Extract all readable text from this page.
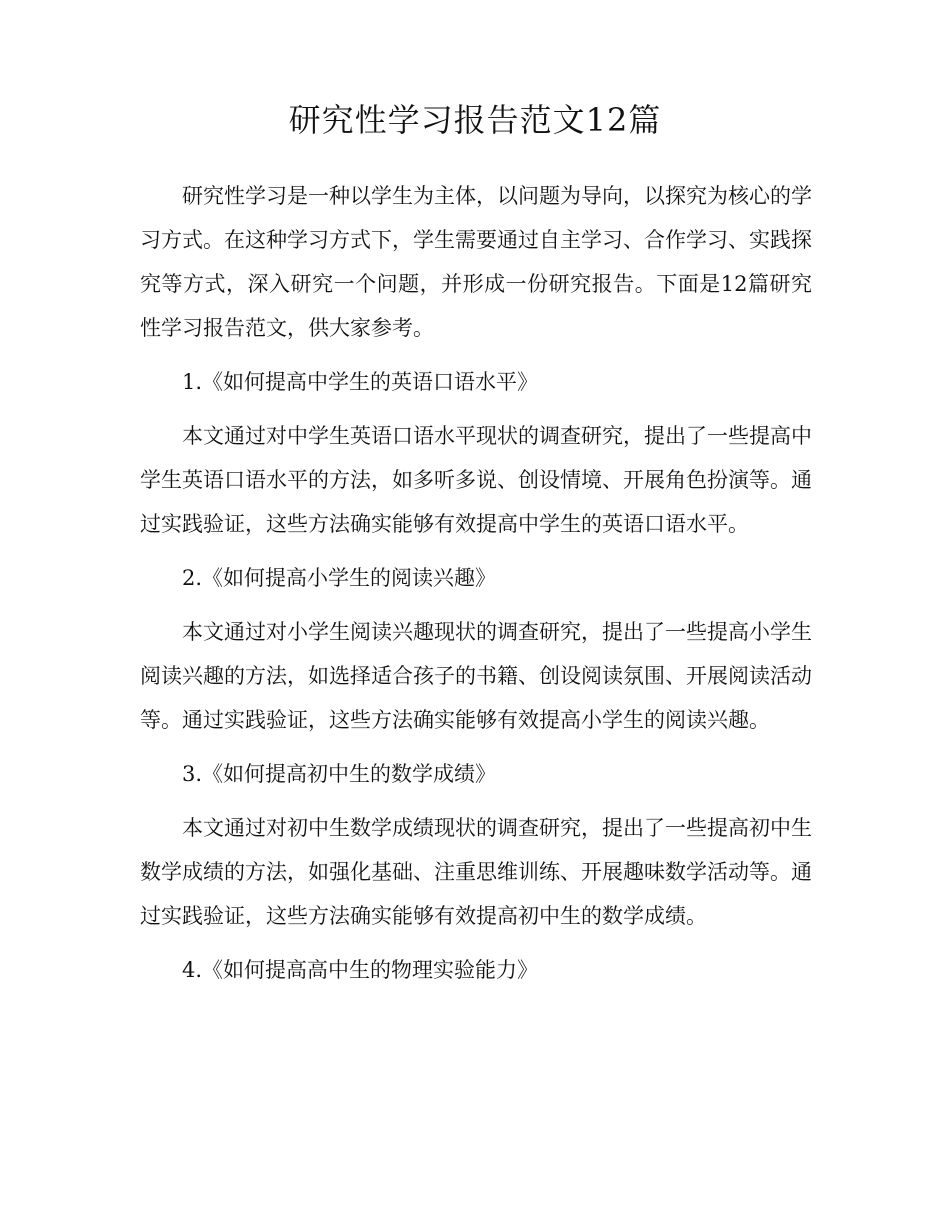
研究性学习报告范文12篇

研究性学习是一种以学生为主体，以问题为导向，以探究为核心的学习方式。在这种学习方式下，学生需要通过自主学习、合作学习、实践探究等方式，深入研究一个问题，并形成一份研究报告。下面是12篇研究性学习报告范文，供大家参考。

1.《如何提高中学生的英语口语水平》

本文通过对中学生英语口语水平现状的调查研究，提出了一些提高中学生英语口语水平的方法，如多听多说、创设情境、开展角色扮演等。通过实践验证，这些方法确实能够有效提高中学生的英语口语水平。

2.《如何提高小学生的阅读兴趣》

本文通过对小学生阅读兴趣现状的调查研究，提出了一些提高小学生阅读兴趣的方法，如选择适合孩子的书籍、创设阅读氛围、开展阅读活动等。通过实践验证，这些方法确实能够有效提高小学生的阅读兴趣。

3.《如何提高初中生的数学成绩》

本文通过对初中生数学成绩现状的调查研究，提出了一些提高初中生数学成绩的方法，如强化基础、注重思维训练、开展趣味数学活动等。通过实践验证，这些方法确实能够有效提高初中生的数学成绩。

4.《如何提高高中生的物理实验能力》
